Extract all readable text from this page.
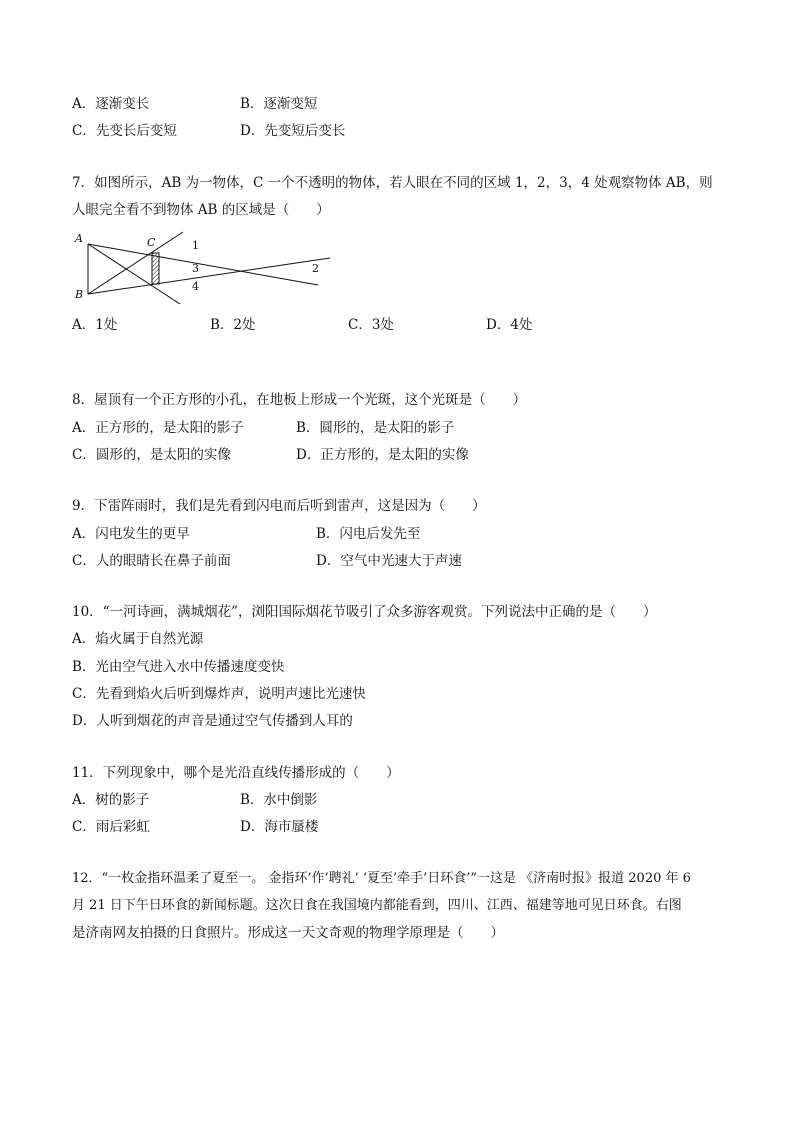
A．逐渐变长	B．逐渐变短
C．先变长后变短	D．先变短后变长
7．如图所示，AB 为一物体，C 一个不透明的物体，若人眼在不同的区域 1，2，3，4 处观察物体 AB，则
人眼完全看不到物体 AB 的区域是（　　）
A
B
C	1
2
3
4
A．1处	B．2处	C．3处	D．4处
8．屋顶有一个正方形的小孔，在地板上形成一个光斑，这个光斑是（　　）
A．正方形的，是太阳的影子	B．圆形的，是太阳的影子
C．圆形的，是太阳的实像	D．正方形的，是太阳的实像
9．下雷阵雨时，我们是先看到闪电而后听到雷声，这是因为（　　）
A．闪电发生的更早	B．闪电后发先至
C．人的眼睛长在鼻子前面	D．空气中光速大于声速
10．“一河诗画，满城烟花”，浏阳国际烟花节吸引了众多游客观赏。下列说法中正确的是（　　）
A．焰火属于自然光源
B．光由空气进入水中传播速度变快
C．先看到焰火后听到爆炸声，说明声速比光速快
D．人听到烟花的声音是通过空气传播到人耳的
11．下列现象中，哪个是光沿直线传播形成的（　　）
A．树的影子	B．水中倒影
C．雨后彩虹	D．海市蜃楼
12．“一枚金指环温柔了夏至一。 金指环’作’聘礼’ ‘夏至’牵手’日环食’”一这是 《济南时报》报道 2020 年 6
月 21 日下午日环食的新闻标题。这次日食在我国境内都能看到，四川、江西、福建等地可见日环食。右图
是济南网友拍摄的日食照片。形成这一天文奇观的物理学原理是（　　）
